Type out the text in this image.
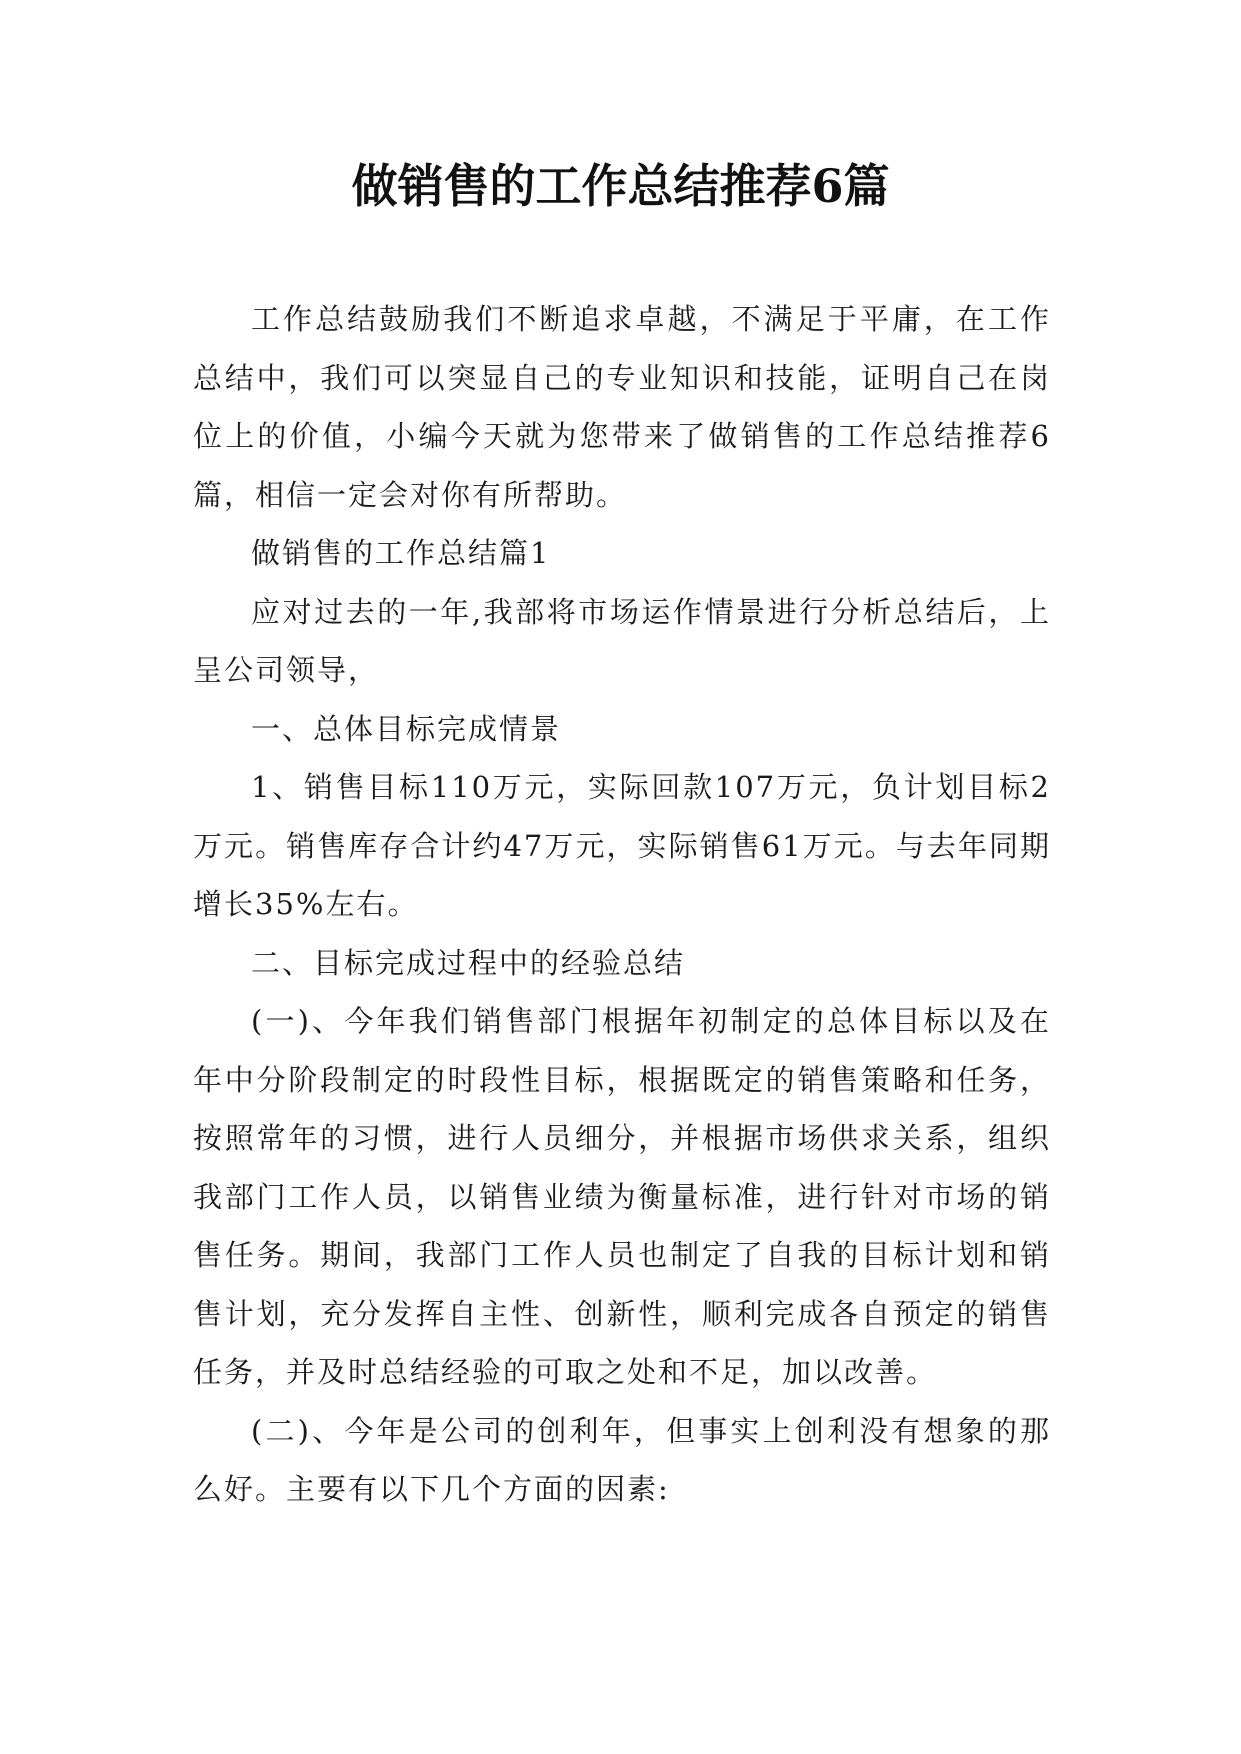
做销售的工作总结推荐6篇

工作总结鼓励我们不断追求卓越，不满足于平庸，在工作总结中，我们可以突显自己的专业知识和技能，证明自己在岗位上的价值，小编今天就为您带来了做销售的工作总结推荐6篇，相信一定会对你有所帮助。

做销售的工作总结篇1

应对过去的一年,我部将市场运作情景进行分析总结后，上呈公司领导，

一、总体目标完成情景

1、销售目标110万元，实际回款107万元，负计划目标2万元。销售库存合计约47万元，实际销售61万元。与去年同期增长35%左右。

二、目标完成过程中的经验总结

(一)、今年我们销售部门根据年初制定的总体目标以及在年中分阶段制定的时段性目标，根据既定的销售策略和任务，按照常年的习惯，进行人员细分，并根据市场供求关系，组织我部门工作人员，以销售业绩为衡量标准，进行针对市场的销售任务。期间，我部门工作人员也制定了自我的目标计划和销售计划，充分发挥自主性、创新性，顺利完成各自预定的销售任务，并及时总结经验的可取之处和不足，加以改善。

(二)、今年是公司的创利年，但事实上创利没有想象的那么好。主要有以下几个方面的因素:
